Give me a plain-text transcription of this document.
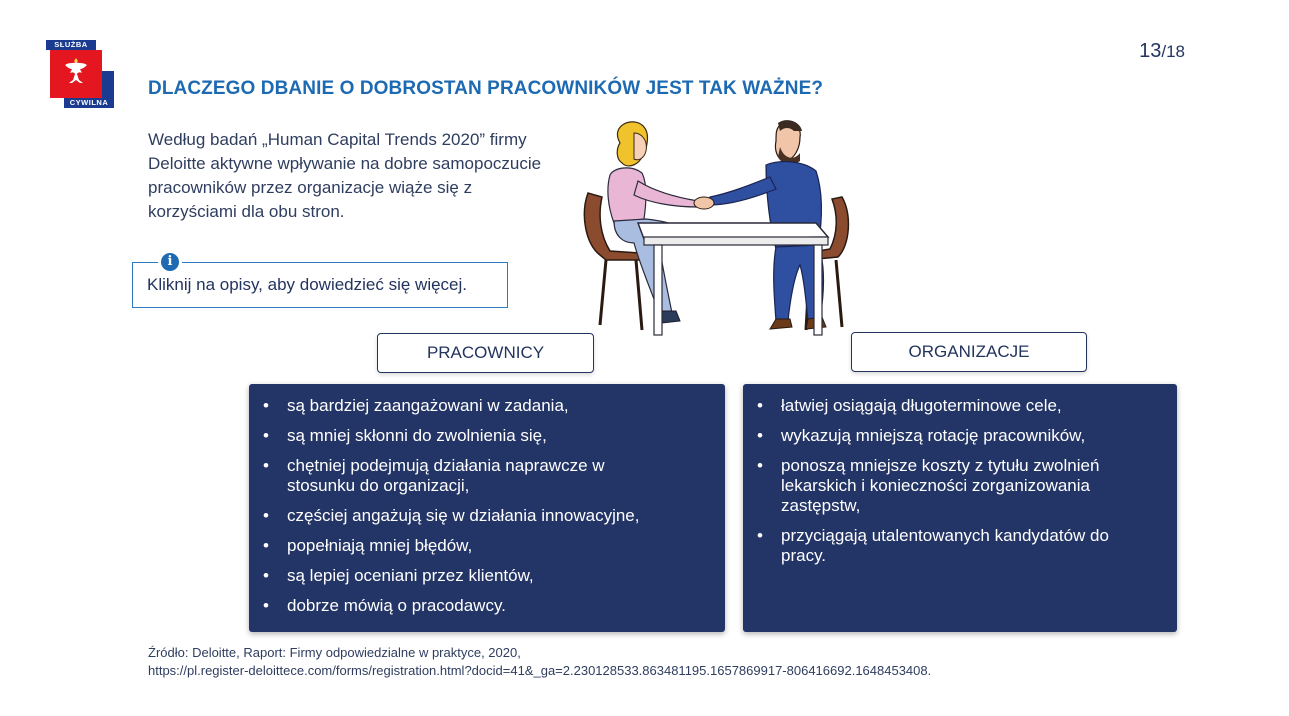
SŁUŻBA
CYWILNA
13/18
DLACZEGO DBANIE O DOBROSTAN PRACOWNIKÓW JEST TAK WAŻNE?
Według badań „Human Capital Trends 2020” firmy Deloitte aktywne wpływanie na dobre samopoczucie pracowników przez organizacje wiąże się z korzyściami dla obu stron.
i
Kliknij na opisy, aby dowiedzieć się więcej.
PRACOWNICY	ORGANIZACJE
• są bardziej zaangażowani w zadania,
• są mniej skłonni do zwolnienia się,
• chętniej podejmują działania naprawcze w stosunku do organizacji,
• częściej angażują się w działania innowacyjne,
• popełniają mniej błędów,
• są lepiej oceniani przez klientów,
• dobrze mówią o pracodawcy.
• łatwiej osiągają długoterminowe cele,
• wykazują mniejszą rotację pracowników,
• ponoszą mniejsze koszty z tytułu zwolnień lekarskich i konieczności zorganizowania zastępstw,
• przyciągają utalentowanych kandydatów do pracy.
Źródło: Deloitte, Raport: Firmy odpowiedzialne w praktyce, 2020,
https://pl.register-deloittece.com/forms/registration.html?docid=41&_ga=2.230128533.863481195.1657869917-806416692.1648453408.
